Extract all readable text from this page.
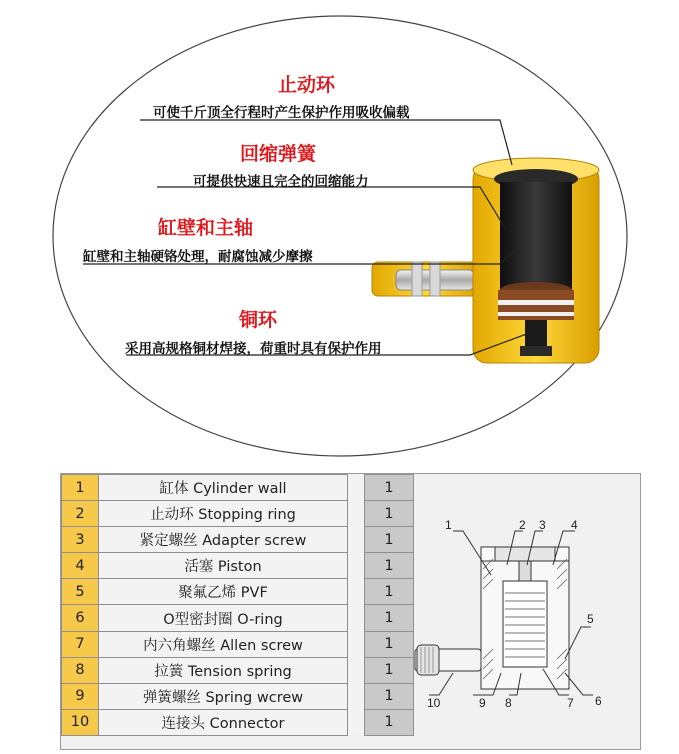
止动环
可使千斤顶全行程时产生保护作用吸收偏载
回缩弹簧
可提供快速且完全的回缩能力
缸壁和主轴
缸壁和主轴硬铬处理，耐腐蚀减少摩擦
铜环
采用高规格铜材焊接，荷重时具有保护作用
1	缸体 Cylinder wall		1
2	止动环 Stopping ring		1
3	紧定螺丝 Adapter screw		1
4	活塞 Piston		1
5	聚氟乙烯 PVF		1
6	O型密封圈 O-ring		1
7	内六角螺丝 Allen screw		1
8	拉簧 Tension spring		1
9	弹簧螺丝 Spring wcrew		1
10	连接头 Connector		1
1	2 3 4
5
6
7
8
9
10
